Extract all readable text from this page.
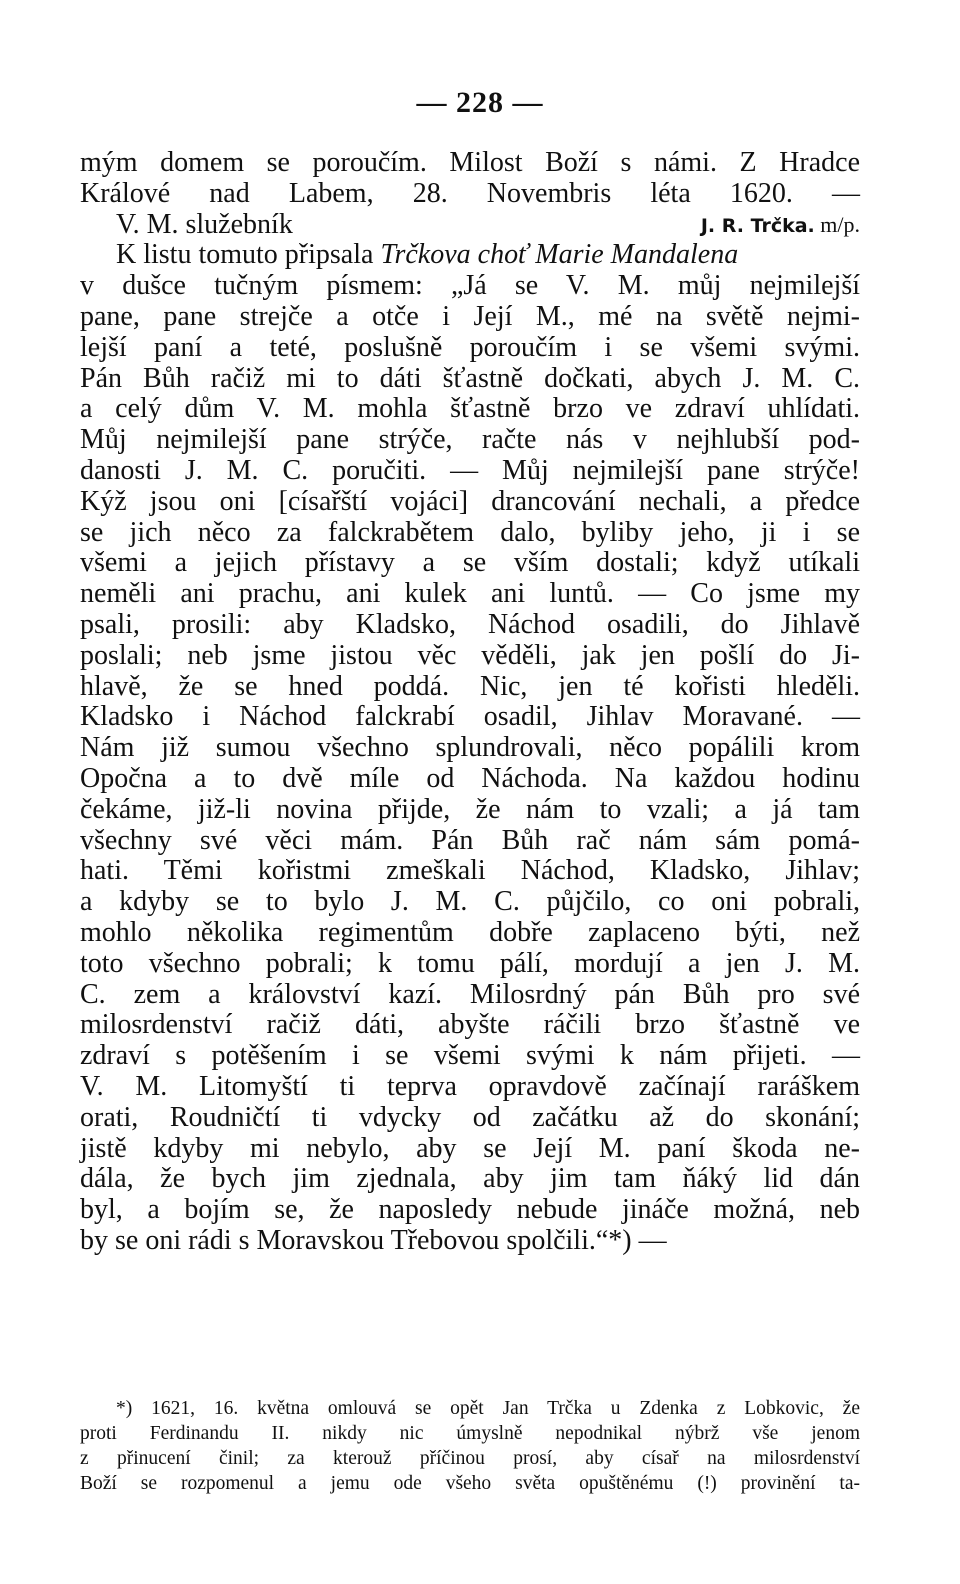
— 228 —
mým domem se poroučím. Milost Boží s námi. Z Hradce
Králové nad Labem, 28. Novembris léta 1620. —
V. M. služebník	J. R. Trčka. m/p.
K listu tomuto připsala Trčkova choť Marie Mandalena
v dušce tučným písmem: „Já se V. M. můj nejmilejší
pane, pane strejče a otče i Její M., mé na světě nejmi-
lejší paní a teté, poslušně poroučím i se všemi svými.
Pán Bůh račiž mi to dáti šťastně dočkati, abych J. M. C.
a celý dům V. M. mohla šťastně brzo ve zdraví uhlídati.
Můj nejmilejší pane strýče, račte nás v nejhlubší pod-
danosti J. M. C. poručiti. — Můj nejmilejší pane strýče!
Kýž jsou oni [císařští vojáci] drancování nechali, a předce
se jich něco za falckrabětem dalo, byliby jeho, ji i se
všemi a jejich přístavy a se vším dostali; když utíkali
neměli ani prachu, ani kulek ani luntů. — Co jsme my
psali, prosili: aby Kladsko, Náchod osadili, do Jihlavě
poslali; neb jsme jistou věc věděli, jak jen pošlí do Ji-
hlavě, že se hned poddá. Nic, jen té kořisti hleděli.
Kladsko i Náchod falckrabí osadil, Jihlav Moravané. —
Nám již sumou všechno splundrovali, něco popálili krom
Opočna a to dvě míle od Náchoda. Na každou hodinu
čekáme, již-li novina přijde, že nám to vzali; a já tam
všechny své věci mám. Pán Bůh rač nám sám pomá-
hati. Těmi kořistmi zmeškali Náchod, Kladsko, Jihlav;
a kdyby se to bylo J. M. C. půjčilo, co oni pobrali,
mohlo několika regimentům dobře zaplaceno býti, než
toto všechno pobrali; k tomu pálí, mordují a jen J. M.
C. zem a království kazí. Milosrdný pán Bůh pro své
milosrdenství račiž dáti, abyšte ráčili brzo šťastně ve
zdraví s potěšením i se všemi svými k nám přijeti. —
V. M. Litomyští ti teprva opravdově začínají raráškem
orati, Roudničtí ti vdycky od začátku až do skonání;
jistě kdyby mi nebylo, aby se Její M. paní škoda ne-
dála, že bych jim zjednala, aby jim tam ňáký lid dán
byl, a bojím se, že naposledy nebude jináče možná, neb
by se oni rádi s Moravskou Třebovou spolčili.“*) —
*) 1621, 16. května omlouvá se opět Jan Trčka u Zdenka z Lobkovic, že
proti Ferdinandu II. nikdy nic úmyslně nepodnikal nýbrž vše jenom
z přinucení činil; za kterouž příčinou prosí, aby císař na milosrdenství
Boží se rozpomenul a jemu ode všeho světa opuštěnému (!) provinění ta-
